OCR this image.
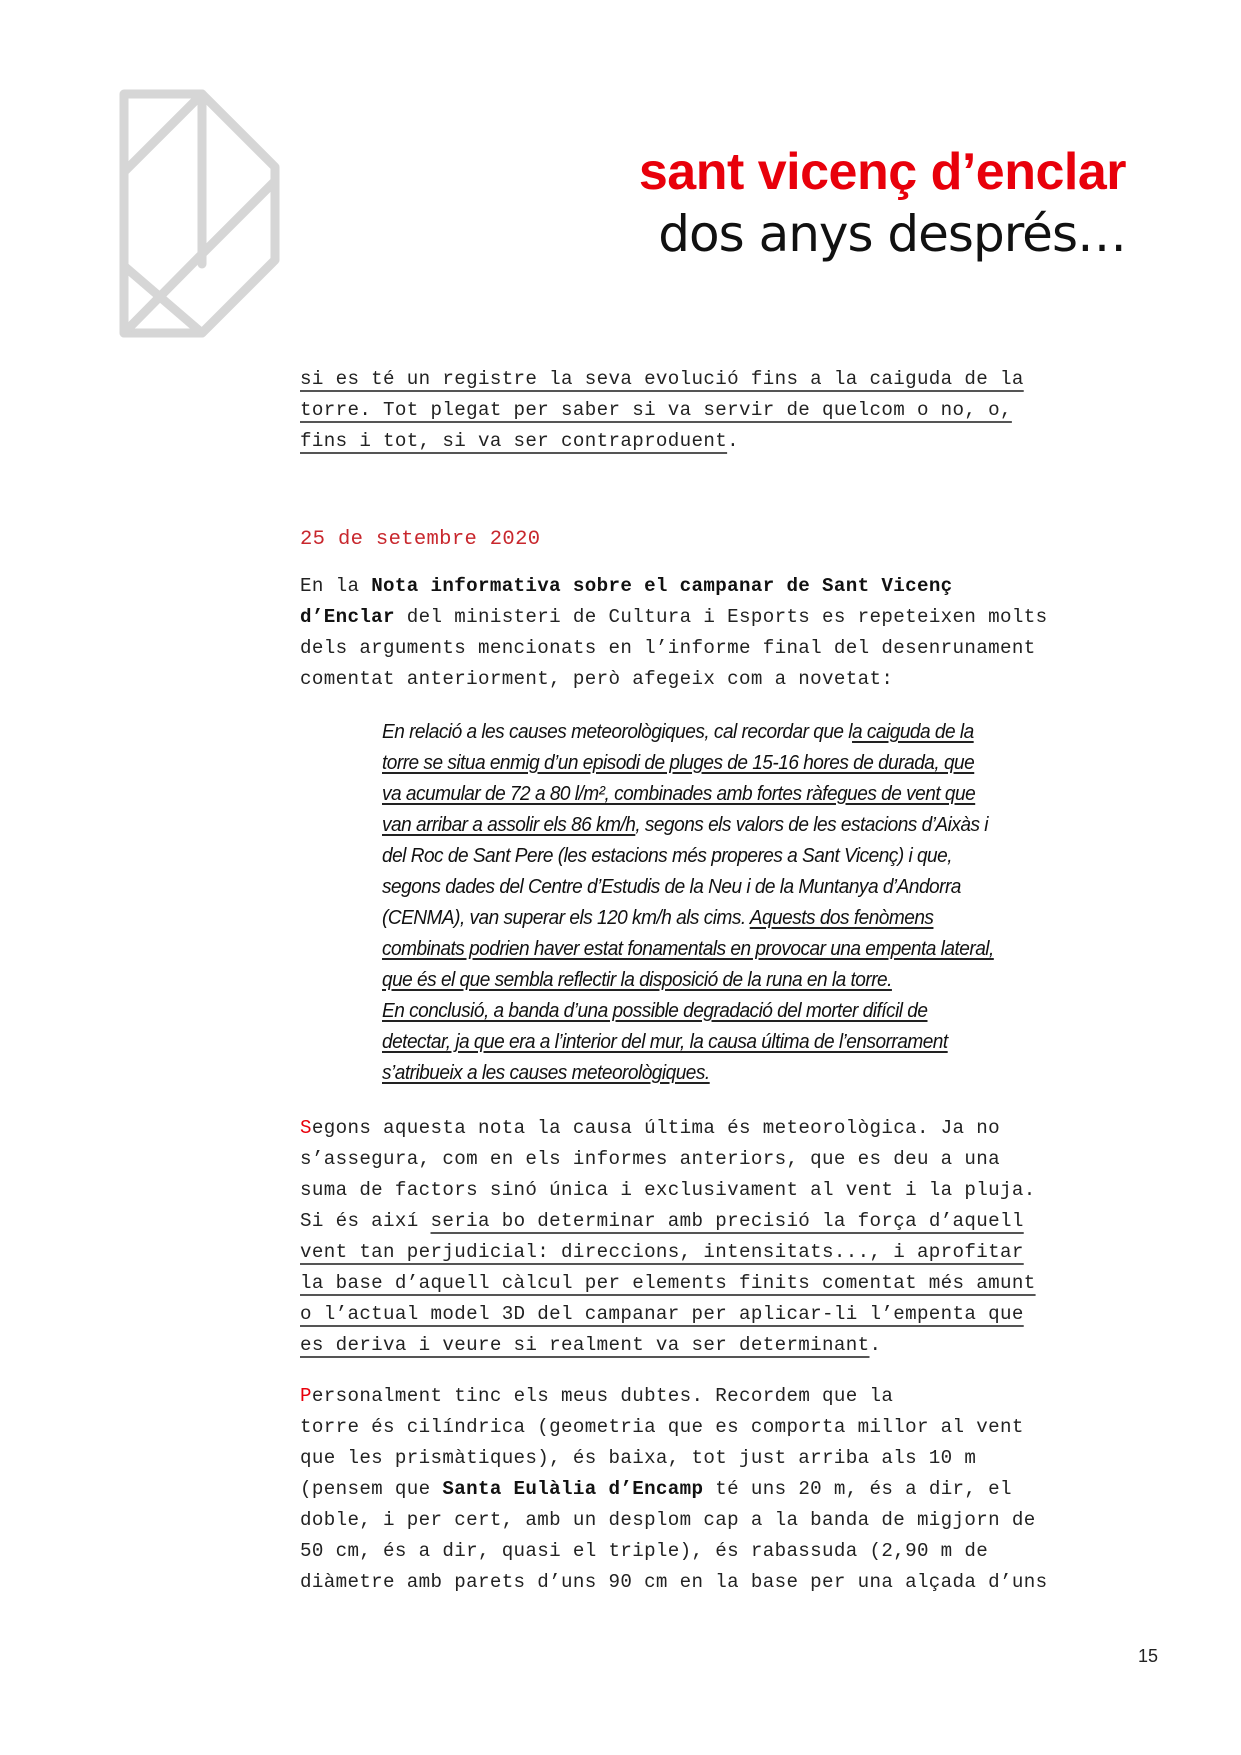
sant vicenç d’enclar
dos anys després…
si es té un registre la seva evolució fins a la caiguda de la
torre. Tot plegat per saber si va servir de quelcom o no, o,
fins i tot, si va ser contraproduent.
25 de setembre 2020
En la Nota informativa sobre el campanar de Sant Vicenç
d’Enclar del ministeri de Cultura i Esports es repeteixen molts
dels arguments mencionats en l’informe final del desenrunament
comentat anteriorment, però afegeix com a novetat:
En relació a les causes meteorològiques, cal recordar que la caiguda de la
torre se situa enmig d’un episodi de pluges de 15-16 hores de durada, que
va acumular de 72 a 80 l/m², combinades amb fortes ràfegues de vent que
van arribar a assolir els 86 km/h, segons els valors de les estacions d’Aixàs i
del Roc de Sant Pere (les estacions més properes a Sant Vicenç) i que,
segons dades del Centre d’Estudis de la Neu i de la Muntanya d’Andorra
(CENMA), van superar els 120 km/h als cims. Aquests dos fenòmens
combinats podrien haver estat fonamentals en provocar una empenta lateral,
que és el que sembla reflectir la disposició de la runa en la torre.
En conclusió, a banda d’una possible degradació del morter difícil de
detectar, ja que era a l’interior del mur, la causa última de l’ensorrament
s’atribueix a les causes meteorològiques.
Segons aquesta nota la causa última és meteorològica. Ja no
s’assegura, com en els informes anteriors, que es deu a una
suma de factors sinó única i exclusivament al vent i la pluja.
Si és així seria bo determinar amb precisió la força d’aquell
vent tan perjudicial: direccions, intensitats..., i aprofitar
la base d’aquell càlcul per elements finits comentat més amunt
o l’actual model 3D del campanar per aplicar-li l’empenta que
es deriva i veure si realment va ser determinant.
Personalment tinc els meus dubtes. Recordem que la
torre és cilíndrica (geometria que es comporta millor al vent
que les prismàtiques), és baixa, tot just arriba als 10 m
(pensem que Santa Eulàlia d’Encamp té uns 20 m, és a dir, el
doble, i per cert, amb un desplom cap a la banda de migjorn de
50 cm, és a dir, quasi el triple), és rabassuda (2,90 m de
diàmetre amb parets d’uns 90 cm en la base per una alçada d’uns
15
